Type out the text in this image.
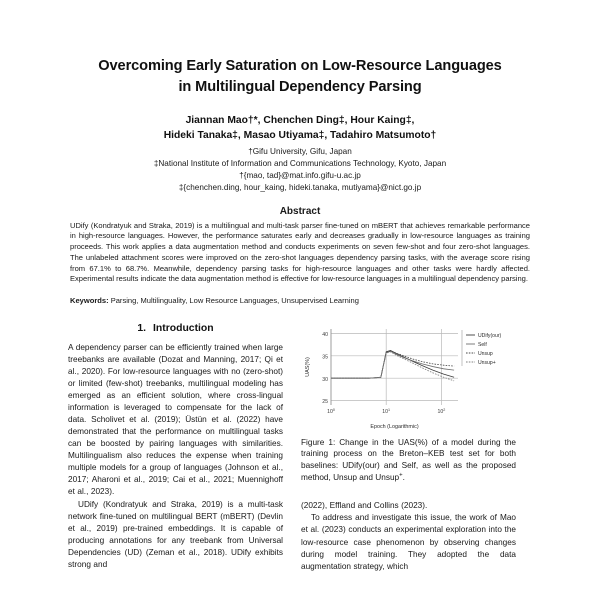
Overcoming Early Saturation on Low-Resource Languages
in Multilingual Dependency Parsing
Jiannan Mao†*, Chenchen Ding‡, Hour Kaing‡,
Hideki Tanaka‡, Masao Utiyama‡, Tadahiro Matsumoto†
†Gifu University, Gifu, Japan
‡National Institute of Information and Communications Technology, Kyoto, Japan
†{mao, tad}@mat.info.gifu-u.ac.jp
‡{chenchen.ding, hour_kaing, hideki.tanaka, mutiyama}@nict.go.jp
Abstract
UDify (Kondratyuk and Straka, 2019) is a multilingual and multi-task parser fine-tuned on mBERT that achieves remarkable performance in high-resource languages. However, the performance saturates early and decreases gradually in low-resource languages as training proceeds. This work applies a data augmentation method and conducts experiments on seven few-shot and four zero-shot languages. The unlabeled attachment scores were improved on the zero-shot languages dependency parsing tasks, with the average score rising from 67.1% to 68.7%. Meanwhile, dependency parsing tasks for high-resource languages and other tasks were hardly affected. Experimental results indicate the data augmentation method is effective for low-resource languages in a multilingual dependency parsing.
Keywords: Parsing, Multilinguality, Low Resource Languages, Unsupervised Learning
1. Introduction

A dependency parser can be efficiently trained when large treebanks are available (Dozat and Manning, 2017; Qi et al., 2020). For low-resource languages with no (zero-shot) or limited (few-shot) treebanks, multilingual modeling has emerged as an efficient solution, where cross-lingual information is leveraged to compensate for the lack of data. Scholivet et al. (2019); Üstün et al. (2022) have demonstrated that the performance on multilingual tasks can be boosted by pairing languages with similarities. Multilingualism also reduces the expense when training multiple models for a group of languages (Johnson et al., 2017; Aharoni et al., 2019; Cai et al., 2021; Muennighoff et al., 2023).

UDify (Kondratyuk and Straka, 2019) is a multi-task network fine-tuned on multilingual BERT (mBERT) (Devlin et al., 2019) pre-trained embeddings. It is capable of producing annotations for any treebank from Universal Dependencies (UD) (Zeman et al., 2018). UDify exhibits strong and

25
30
35
40
$10^0$	$10^1$	$10^2$
UAS(%)
Epoch (Logarithmic)
UDify(our)
Self
Unsup
Unsup+

Figure 1: Change in the UAS(%) of a model during the training process on the Breton–KEB test set for both baselines: UDify(our) and Self, as well as the proposed method, Unsup and Unsup+.

(2022), Effland and Collins (2023).

To address and investigate this issue, the work of Mao et al. (2023) conducts an experimental exploration into the low-resource case phenomenon by observing changes during model training. They adopted the data augmentation strategy, which
